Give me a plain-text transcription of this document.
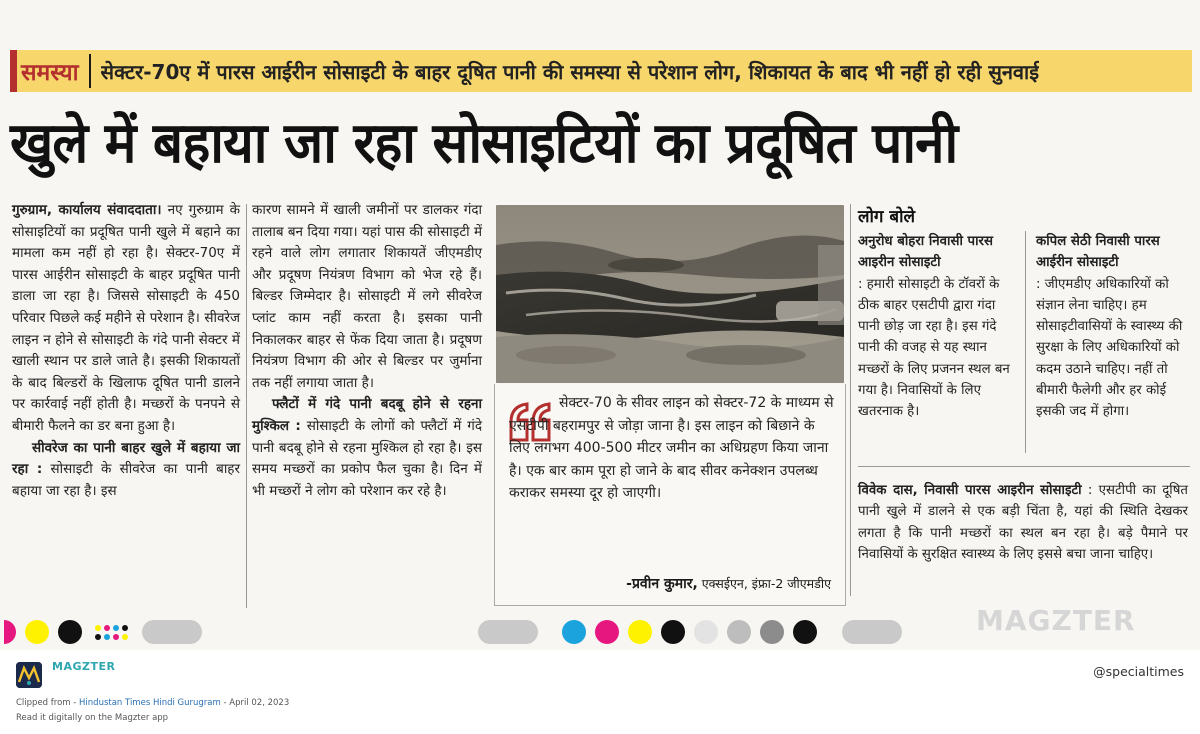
समस्या सेक्टर-70ए में पारस आईरीन सोसाइटी के बाहर दूषित पानी की समस्या से परेशान लोग, शिकायत के बाद भी नहीं हो रही सुनवाई
खुले में बहाया जा रहा सोसाइटियों का प्रदूषित पानी

गुरुग्राम, कार्यालय संवाददाता। नए गुरुग्राम के सोसाइटियों का प्रदूषित पानी खुले में बहाने का मामला कम नहीं हो रहा है। सेक्टर-70ए में पारस आईरीन सोसाइटी के बाहर प्रदूषित पानी डाला जा रहा है। जिससे सोसाइटी के 450 परिवार पिछले कई महीने से परेशान है। सीवरेज लाइन न होने से सोसाइटी के गंदे पानी सेक्टर में खाली स्थान पर डाले जाते है। इसकी शिकायतों के बाद बिल्डरों के खिलाफ दूषित पानी डालने पर कार्रवाई नहीं होती है। मच्छरों के पनपने से बीमारी फैलने का डर बना हुआ है।

सीवरेज का पानी बाहर खुले में बहाया जा रहा : सोसाइटी के सीवरेज का पानी बाहर बहाया जा रहा है। इस

कारण सामने में खाली जमीनों पर डालकर गंदा तालाब बन दिया गया। यहां पास की सोसाइटी में रहने वाले लोग लगातार शिकायतें जीएमडीए और प्रदूषण नियंत्रण विभाग को भेज रहे हैं। बिल्डर जिम्मेदार है। सोसाइटी में लगे सीवरेज प्लांट काम नहीं करता है। इसका पानी निकालकर बाहर से फेंक दिया जाता है। प्रदूषण नियंत्रण विभाग की ओर से बिल्डर पर जुर्माना तक नहीं लगाया जाता है।

फ्लैटों में गंदे पानी बदबू होने से रहना मुश्किल : सोसाइटी के लोगों को फ्लैटों में गंदे पानी बदबू होने से रहना मुश्किल हो रहा है। इस समय मच्छरों का प्रकोप फैल चुका है। दिन में भी मच्छरों ने लोग को परेशान कर रहे है।

सेक्टर-70 के सीवर लाइन को सेक्टर-72 के माध्यम से एसटीपी बहरामपुर से जोड़ा जाना है। इस लाइन को बिछाने के लिए लगभग 400-500 मीटर जमीन का अधिग्रहण किया जाना है। एक बार काम पूरा हो जाने के बाद सीवर कनेक्शन उपलब्ध कराकर समस्या दूर हो जाएगी।

-प्रवीन कुमार, एक्सईएन, इंफ्रा-2 जीएमडीए
लोग बोले
अनुरोध बोहरा निवासी पारस आइरीन सोसाइटी
: हमारी सोसाइटी के टॉवरों के ठीक बाहर एसटीपी द्वारा गंदा पानी छोड़ जा रहा है। इस गंदे पानी की वजह से यह स्थान मच्छरों के लिए प्रजनन स्थल बन गया है। निवासियों के लिए खतरनाक है।
कपिल सेठी निवासी पारस आईरीन सोसाइटी
: जीएमडीए अधिकारियों को संज्ञान लेना चाहिए। हम सोसाइटीवासियों के स्वास्थ्य की सुरक्षा के लिए अधिकारियों को कदम उठाने चाहिए। नहीं तो बीमारी फैलेगी और हर कोई इसकी जद में होगा।
विवेक दास, निवासी पारस आइरीन सोसाइटी : एसटीपी का दूषित पानी खुले में डालने से एक बड़ी चिंता है, यहां की स्थिति देखकर लगता है कि पानी मच्छरों का स्थल बन रहा है। बड़े पैमाने पर निवासियों के सुरक्षित स्वास्थ्य के लिए इससे बचा जाना चाहिए।
MAGZTER
MAGZTER	@specialtimes
Clipped from - Hindustan Times Hindi Gurugram - April 02, 2023
Read it digitally on the Magzter app
